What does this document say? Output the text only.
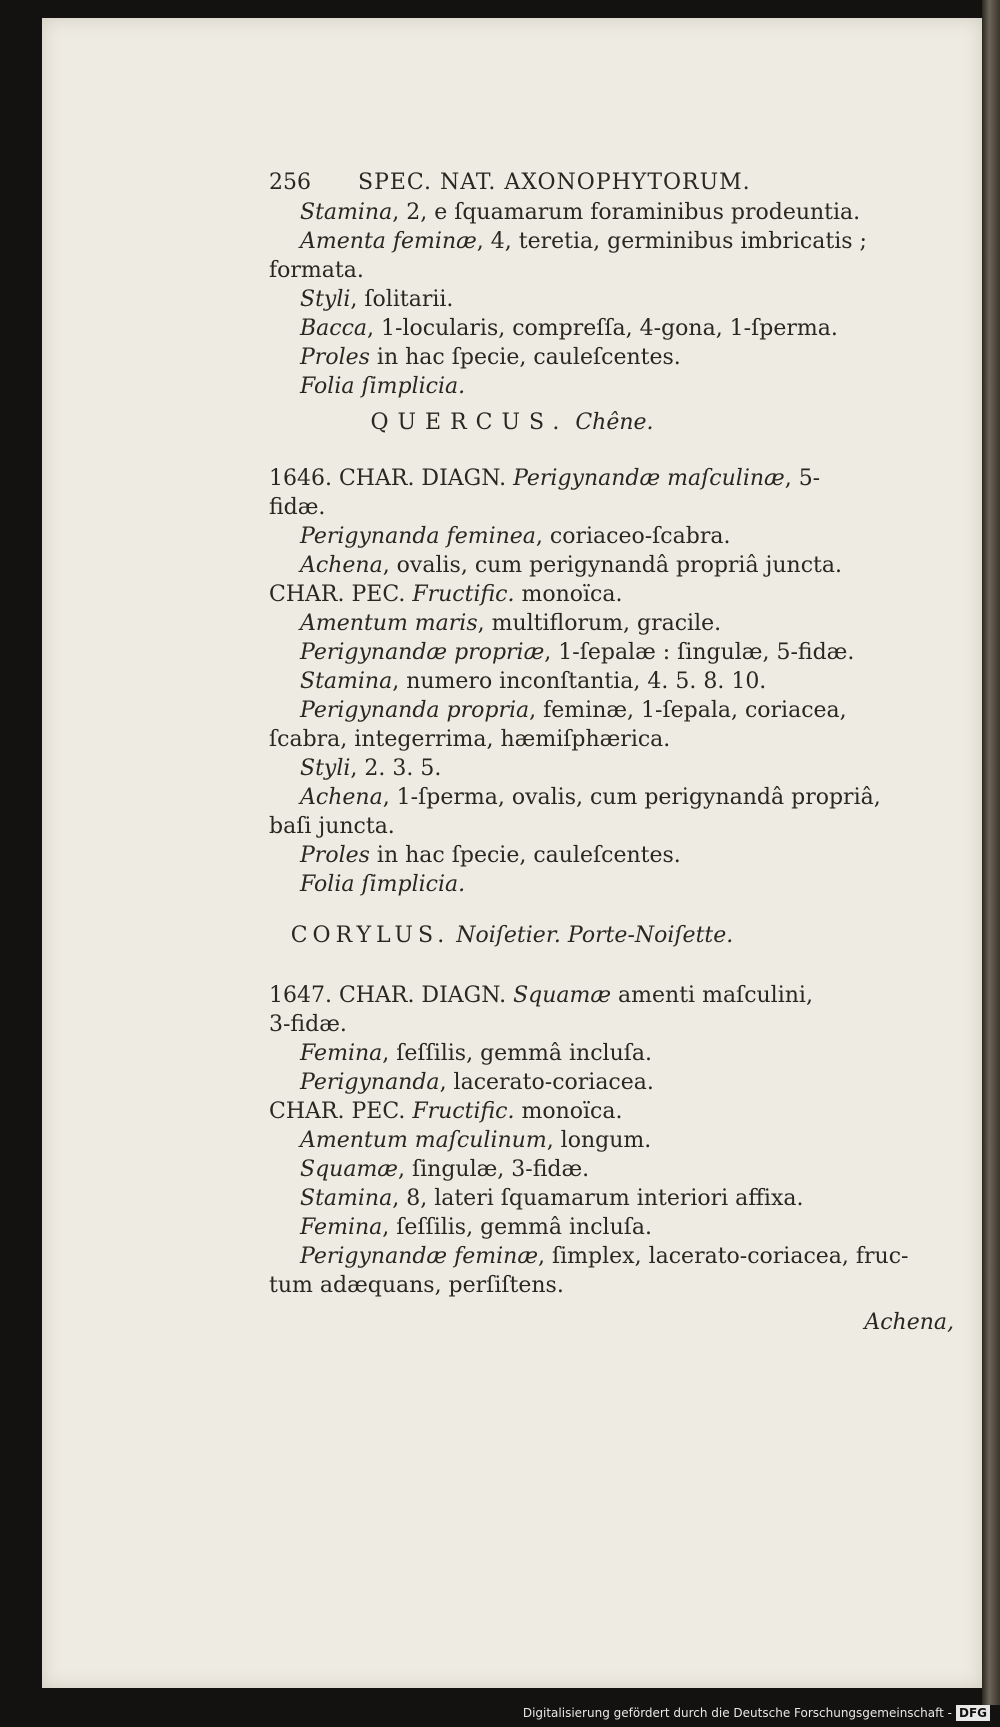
256 SPEC. NAT. AXONOPHYTORUM.
Stamina, 2, e ſquamarum foraminibus prodeuntia.
Amenta feminæ, 4, teretia, germinibus imbricatis ;
formata.
Styli, ſolitarii.
Bacca, 1-locularis, compreſſa, 4-gona, 1-ſperma.
Proles in hac ſpecie, cauleſcentes.
Folia ſimplicia.
QUERCUS. Chêne.
1646. CHAR. DIAGN. Perigynandæ maſculinæ, 5-
fidæ.
Perigynanda feminea, coriaceo-ſcabra.
Achena, ovalis, cum perigynandâ propriâ juncta.
CHAR. PEC. Fructific. monoïca.
Amentum maris, multiflorum, gracile.
Perigynandæ propriæ, 1-ſepalæ : ſingulæ, 5-fidæ.
Stamina, numero inconſtantia, 4. 5. 8. 10.
Perigynanda propria, feminæ, 1-ſepala, coriacea,
ſcabra, integerrima, hæmiſphærica.
Styli, 2. 3. 5.
Achena, 1-ſperma, ovalis, cum perigynandâ propriâ,
baſi juncta.
Proles in hac ſpecie, cauleſcentes.
Folia ſimplicia.
CORYLUS. Noiſetier. Porte-Noiſette.
1647. CHAR. DIAGN. Squamæ amenti maſculini,
3-fidæ.
Femina, ſeſſilis, gemmâ incluſa.
Perigynanda, lacerato-coriacea.
CHAR. PEC. Fructific. monoïca.
Amentum maſculinum, longum.
Squamæ, ſingulæ, 3-fidæ.
Stamina, 8, lateri ſquamarum interiori affixa.
Femina, ſeſſilis, gemmâ incluſa.
Perigynandæ feminæ, ſimplex, lacerato-coriacea, fruc-
tum adæquans, perſiſtens.
Achena,
Digitalisierung gefördert durch die Deutsche Forschungsgemeinschaft - DFG
